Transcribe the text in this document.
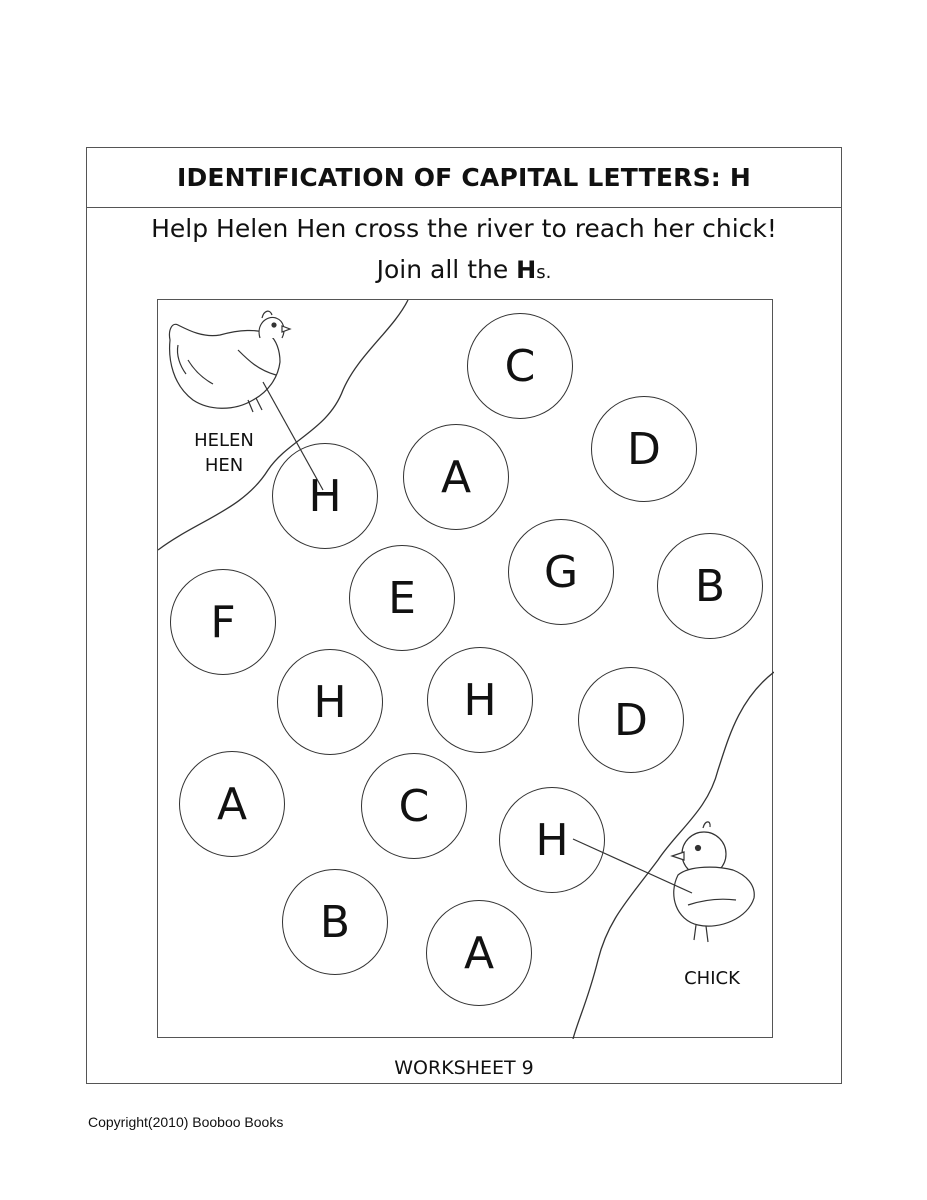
IDENTIFICATION OF CAPITAL LETTERS: H
Help Helen Hen cross the river to reach her chick!
Join all the Hs.
HELEN
HEN
CHICK
C
D
A
H
G	B
E
F
H	H	D
A	C
H
B
A
WORKSHEET 9
Copyright(2010) Booboo Books
